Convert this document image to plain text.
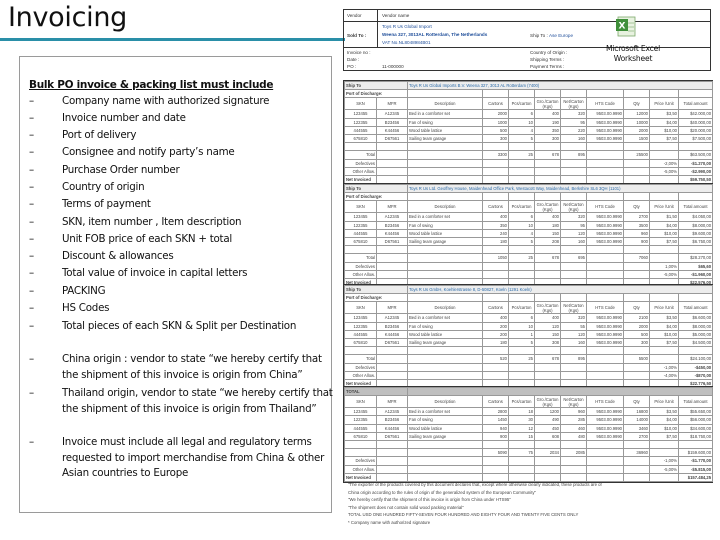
Invoicing
Bulk PO invoice & packing list must include
–	Company name with authorized signature
–	Invoice number and date
–	Port of delivery
–	Consignee and notify party’s name
–	Purchase Order number
–	Country of origin
–	Terms of payment
–	SKN, item number , Item description
–	Unit FOB price of each SKN + total
–	Discount & allowances
–	Total value of invoice in capital letters
–	PACKING
–	HS Codes
–	Total pieces of each SKN & Split per Destination
–	China origin : vendor to state “we hereby certify that the shipment of this invoice is origin from China”
–	Thailand origin, vendor to state “we hereby certify that the shipment of this invoice is origin from Thailand”
–	Invoice must include all legal and regulatory terms requested to import merchandise from China & other Asian countries to Europe
Vendor	Vendor name
Sold To :
Toys R Us Global Import
Weena 327, 3013AL Rotterdam, The Netherlands
VAT No.NL8048984B01
Ship To : Ase Europe
Invoice no :
Date :
PO :	11-000000
Country of Origin :
Shipping Terms :
Payment Terms :
X
Microsoft Excel
Worksheet
Ship To		Toys R Us Global Imports B.V. Weena 327, 3013 AL Rotterdam (7400)								
Port of Discharge:										
SKN	MFR	Description	Cartons	Pcs/carton	Gro./Carton (Kgs)	Net/Carton (Kgs)	HTS Code	Qty	Price /Unit	Total amount
123455	A12345	Bed in a comforter set	2000	6	400	320	9503.00.9990	12000	$3,50	$42.000,00
122355	B23456	Fan of swing	1000	10	190	95	9503.00.9990	10000	$4,00	$40.000,00
444555	K44456	Wood table lattice	500	4	350	220	9503.00.9990	2000	$10,00	$20.000,00
675810	D67561	Sailing team garage	300	5	300	160	9503.00.9990	1500	$7,50	$7.500,00

Total			3300	25	678	895		25500		$63.500,00
Defectives									-2,00%	-$1.270,00
Other Allow.									-5,00%	-$2.990,00
Net Invoiced										$59.750,50
Ship To		Toys R Us Ltd. Geoffrey House, Maidenhead Office Park, Westacott Way, Maidenhead, Berkshire SL6 3QH (1101)								
Port of Discharge:										
SKN	MFR	Description	Cartons	Pcs/carton	Gro./Carton (Kgs)	Net/Carton (Kgs)	HTS Code	Qty	Price /Unit	Total amount
123455	A12345	Bed in a comforter set	400	6	400	320	9503.00.9990	2700	$1,50	$4.050,00
122355	B23456	Fan of swing	350	10	180	95	9503.00.9990	3500	$4,00	$8.000,00
444555	K44456	Wood table lattice	240	4	150	120	9503.00.9990	960	$10,00	$9.600,00
675810	D67561	Sailing team garage	180	5	208	160	9503.00.9990	900	$7,50	$6.750,00

Total			1050	25	678	695		7060		$28.270,00
Defectives									1,00%	$65,60
Other Allow.									-5,00%	-$1.960,00
Net Invoiced										$22.576,00
Ship To		Toys R Us GmbH, Koehlerstrasse 8, D-50827, Koeln (1291 Koeln)								
Port of Discharge:										
SKN	MFR	Description	Cartons	Pcs/carton	Gro./Carton (Kgs)	Net/Carton (Kgs)	HTS Code	Qty	Price /Unit	Total amount
123455	A12345	Bed in a comforter set	400	6	400	320	9503.00.9990	2100	$3,50	$6.600,00
122355	B23456	Fan of swing	200	10	120	55	9503.00.9990	2000	$4,00	$8.000,00
444555	K44456	Wood table lattice	200	1	150	120	9503.00.9990	500	$10,00	$5.000,00
675810	D67561	Sailing team garage	180	5	308	160	9503.00.9990	300	$7,50	$4.500,00

Total			520	25	678	895		5500		$24.100,00
Defectives									-1,00%	-$450,00
Other Allow.									-4,00%	-$870,00
Net Invoiced										$22.776,50
TOTAL										
SKN	MFR	Description	Cartons	Pcs/carton	Gro./Carton (Kgs)	Net/Carton (Kgs)	HTS Code	Qty	Price /Unit	Total amount
123455	A12345	Bed in a comforter set	2800	18	1200	960	9503.00.9990	16800	$3,50	$55.650,00
122355	B23456	Fan of swing	1450	30	490	285	9503.00.9990	14000	$4,00	$56.000,00
444555	K44456	Wood table lattice	940	12	450	460	9503.00.9990	3460	$10,00	$34.600,00
675810	D67561	Sailing team garage	900	15	608	480	9503.00.9990	2700	$7,50	$18.750,00

			5090	75	2034	2085		36960		$159.600,00
Defectives									-1,00%	-$1.770,00
Other Allow.									-5,00%	-$5.815,00
Net Invoiced										$157.484,25
"The exporter of the products covered by this document declares that, except where otherwise clearly indicated, these products are of
China origin according to the rules of origin of the generalized system of the European Community"
"We hereby certify that the shipment of this invoice is origin from China under HTS95"
"The shipment does not contain solid wood packing material"
TOTAL USD ONE HUNDRED FIFTY-SEVEN FOUR HUNDRED AND EIGHTY FOUR AND TWENTY FIVE CENTS ONLY
* Company name with authorized signature
